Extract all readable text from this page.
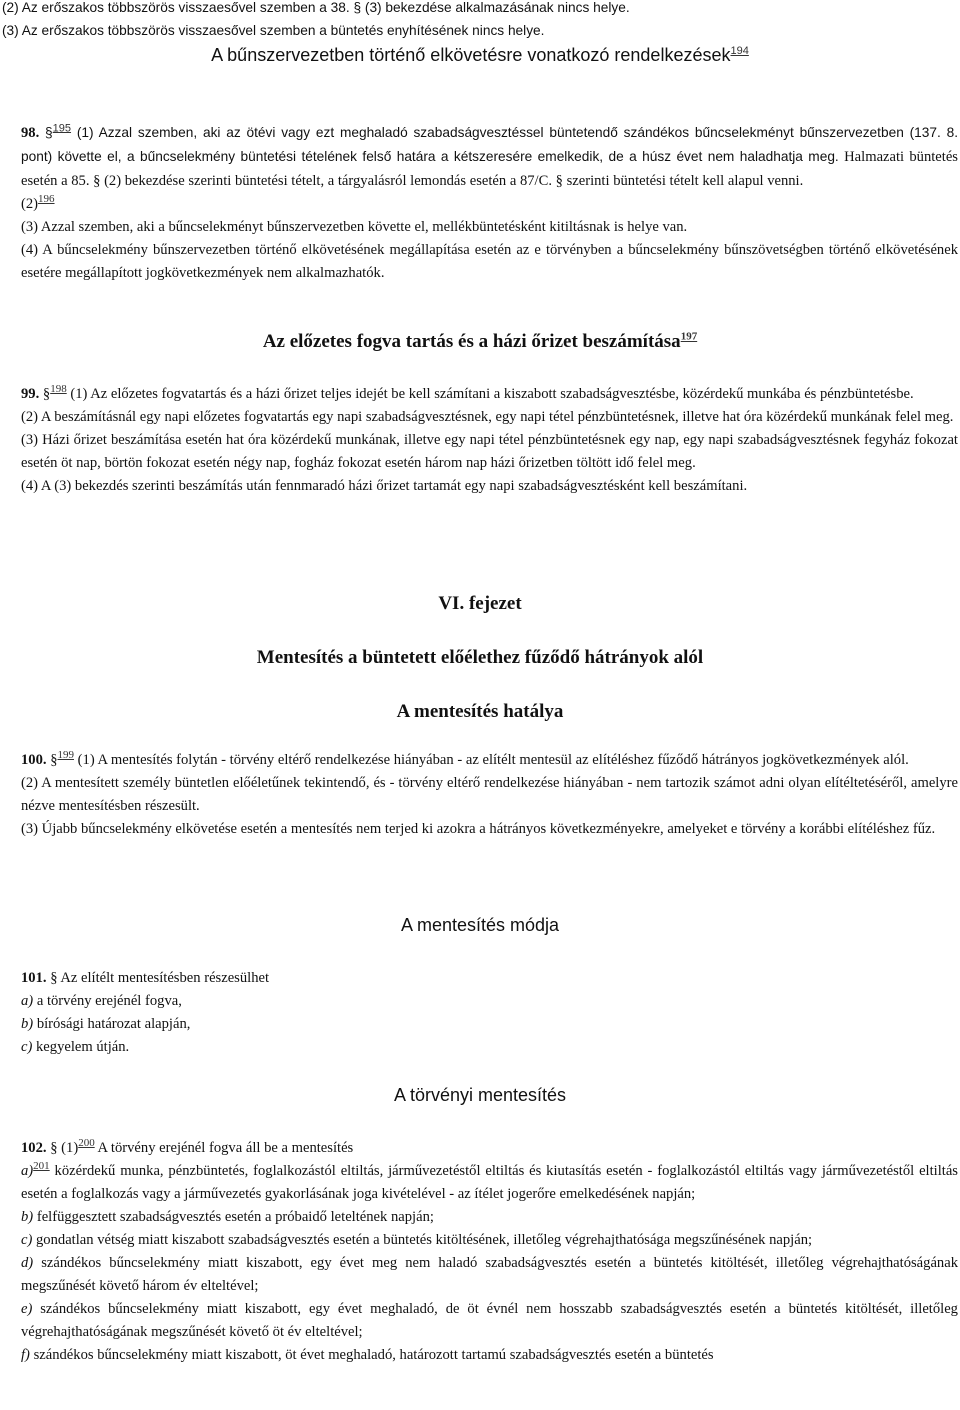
(2) Az erőszakos többszörös visszaesővel szemben a 38. § (3) bekezdése alkalmazásának nincs helye.

(3) Az erőszakos többszörös visszaesővel szemben a büntetés enyhítésének nincs helye.

A bűnszervezetben történő elkövetésre vonatkozó rendelkezések$^{194}$

98. §$^{195}$ (1) Azzal szemben, aki az ötévi vagy ezt meghaladó szabadságvesztéssel büntetendő szándékos bűncselekményt bűnszervezetben (137. 8. pont) követte el, a bűncselekmény büntetési tételének felső határa a kétszeresére emelkedik, de a húsz évet nem haladhatja meg. Halmazati büntetés esetén a 85. § (2) bekezdése szerinti büntetési tételt, a tárgyalásról lemondás esetén a 87/C. § szerinti büntetési tételt kell alapul venni.

$(2)^{196}$

(3) Azzal szemben, aki a bűncselekményt bűnszervezetben követte el, mellékbüntetésként kitiltásnak is helye van.

(4) A bűncselekmény bűnszervezetben történő elkövetésének megállapítása esetén az e törvényben a bűncselekmény bűnszövetségben történő elkövetésének esetére megállapított jogkövetkezmények nem alkalmazhatók.

Az előzetes fogva tartás és a házi őrizet beszámítása$^{197}$

99. §$^{198}$ (1) Az előzetes fogvatartás és a házi őrizet teljes idejét be kell számítani a kiszabott szabadságvesztésbe, közérdekű munkába és pénzbüntetésbe.

(2) A beszámításnál egy napi előzetes fogvatartás egy napi szabadságvesztésnek, egy napi tétel pénzbüntetésnek, illetve hat óra közérdekű munkának felel meg.

(3) Házi őrizet beszámítása esetén hat óra közérdekű munkának, illetve egy napi tétel pénzbüntetésnek egy nap, egy napi szabadságvesztésnek fegyház fokozat esetén öt nap, börtön fokozat esetén négy nap, fogház fokozat esetén három nap házi őrizetben töltött idő felel meg.

(4) A (3) bekezdés szerinti beszámítás után fennmaradó házi őrizet tartamát egy napi szabadságvesztésként kell beszámítani.

VI. fejezet

Mentesítés a büntetett előélethez fűződő hátrányok alól

A mentesítés hatálya

100. §$^{199}$ (1) A mentesítés folytán - törvény eltérő rendelkezése hiányában - az elítélt mentesül az elítéléshez fűződő hátrányos jogkövetkezmények alól.

(2) A mentesített személy büntetlen előéletűnek tekintendő, és - törvény eltérő rendelkezése hiányában - nem tartozik számot adni olyan elítéltetéséről, amelyre nézve mentesítésben részesült.

(3) Újabb bűncselekmény elkövetése esetén a mentesítés nem terjed ki azokra a hátrányos következményekre, amelyeket e törvény a korábbi elítéléshez fűz.

A mentesítés módja

101. § Az elítélt mentesítésben részesülhet

a) a törvény erejénél fogva,

b) bírósági határozat alapján,

c) kegyelem útján.

A törvényi mentesítés

102. § $(1)^{200}$ A törvény erejénél fogva áll be a mentesítés

a)$^{201}$ közérdekű munka, pénzbüntetés, foglalkozástól eltiltás, járművezetéstől eltiltás és kiutasítás esetén - foglalkozástól eltiltás vagy járművezetéstől eltiltás esetén a foglalkozás vagy a járművezetés gyakorlásának joga kivételével - az ítélet jogerőre emelkedésének napján;

b) felfüggesztett szabadságvesztés esetén a próbaidő leteltének napján;

c) gondatlan vétség miatt kiszabott szabadságvesztés esetén a büntetés kitöltésének, illetőleg végrehajthatósága megszűnésének napján;

d) szándékos bűncselekmény miatt kiszabott, egy évet meg nem haladó szabadságvesztés esetén a büntetés kitöltését, illetőleg végrehajthatóságának megszűnését követő három év elteltével;

e) szándékos bűncselekmény miatt kiszabott, egy évet meghaladó, de öt évnél nem hosszabb szabadságvesztés esetén a büntetés kitöltését, illetőleg végrehajthatóságának megszűnését követő öt év elteltével;

f) szándékos bűncselekmény miatt kiszabott, öt évet meghaladó, határozott tartamú szabadságvesztés esetén a büntetés
